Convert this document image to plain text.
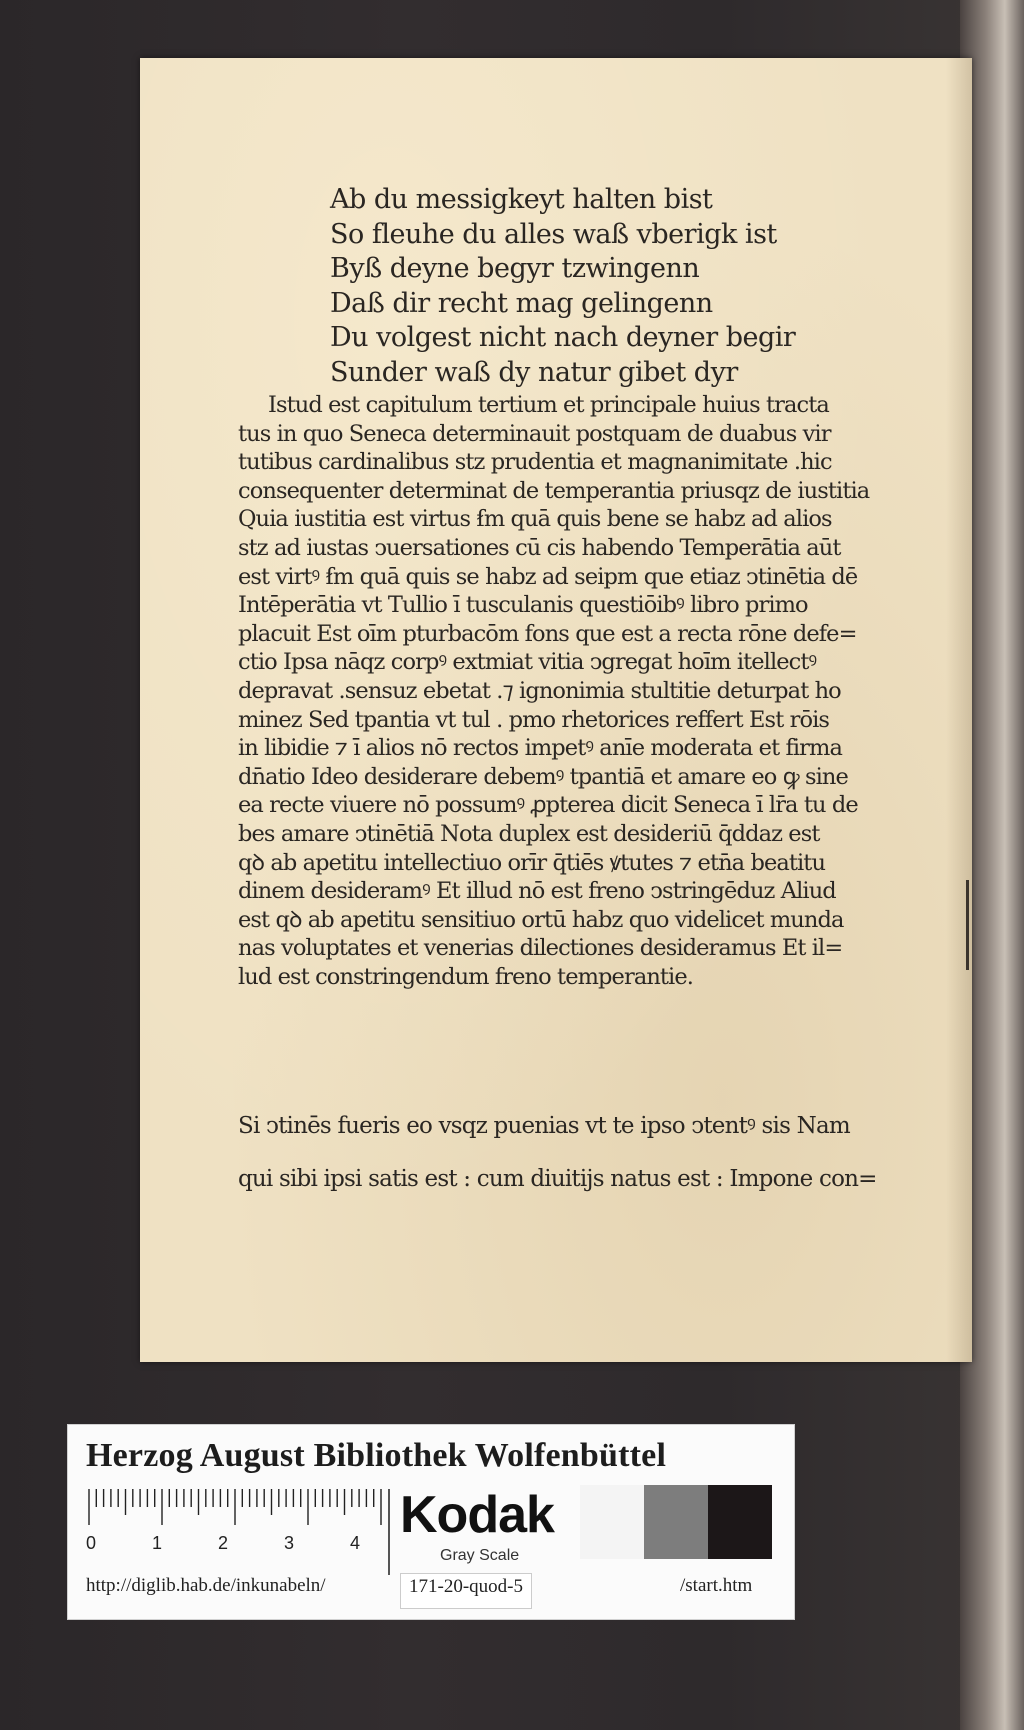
Ab du messigkeyt halten bist
So fleuhe du alles waß vberigk ist
Byß deyne begyr tzwingenn
Daß dir recht mag gelingenn
Du volgest nicht nach deyner begir
Sunder waß dy natur gibet dyr
Istud est capitulum tertium et principale huius tracta
tus in quo Seneca determinauit postquam de duabus vir
tutibus cardinalibus stz prudentia et magnanimitate .hic
consequenter determinat de temperantia priusqz de iustitia
Quia iustitia est virtus ẜm quā quis bene se habz ad alios
stz ad iustas ↄuersationes cū cis habendo Temperātia aūt
est virtꝰ ẜm quā quis se habz ad seipm que etiaz ↄtinētia dē
Intēperātia vt Tullio ī tusculanis questiōibꝰ libro primo
placuit Est oīm pturbacōm fons que est a recta rōne defe=
ctio Ipsa nāqz corpꝰ extmiat vitia ↄgregat hoīm itellectꝰ
depravat .sensuz ebetat .⁊ ignonimia stultitie deturpat ho
minez Sed tpantia vt tul . pmo rhetorices reffert Est rōis
in libidie ⁊ ī alios nō rectos impetꝰ anīe moderata et firma
dn̄atio Ideo desiderare debemꝰ tpantiā et amare eo ꝙ sine
ea recte viuere nō possumꝰ ꝓpterea dicit Seneca ī lr̄a tu de
bes amare ↄtinētiā Nota duplex est desideriū q̄ddaz est
qꝺ ab apetitu intellectiuo orīr q̄tiēs ꝟtutes ⁊ etn̄a beatitu
dinem desideramꝰ Et illud nō est freno ↄstringēduz Aliud
est qꝺ ab apetitu sensitiuo ortū habz quo videlicet munda
nas voluptates et venerias dilectiones desideramus Et il=
lud est constringendum freno temperantie.
Si ↄtinēs fueris eo vsqz puenias vt te ipso ↄtentꝰ sis Nam
qui sibi ipsi satis est : cum diuitijs natus est : Impone con=
Herzog August Bibliothek Wolfenbüttel
0	1	2	3	4 Kodak
Gray Scale
http://diglib.hab.de/inkunabeln/	171-20-quod-5	/start.htm
